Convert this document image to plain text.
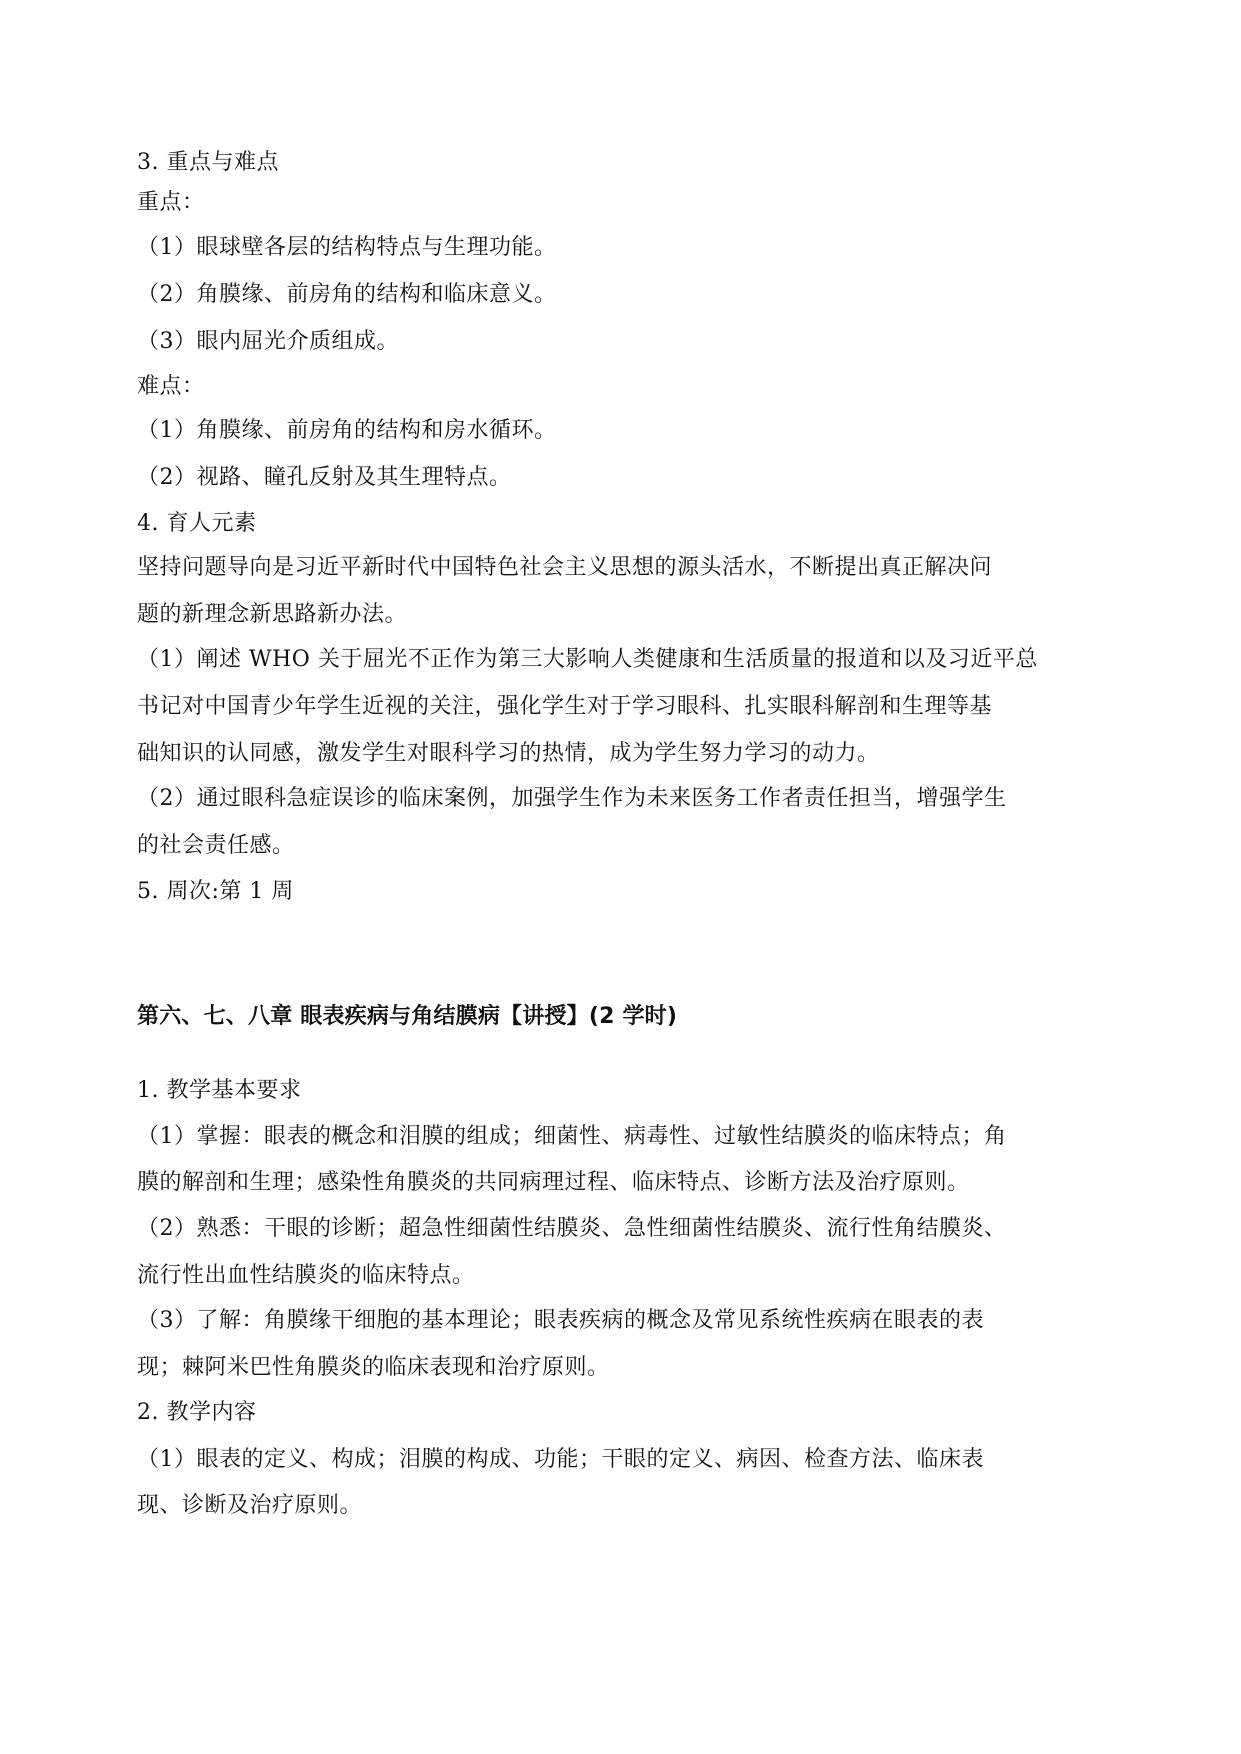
3. 重点与难点
重点：
（1）眼球壁各层的结构特点与生理功能。
（2）角膜缘、前房角的结构和临床意义。
（3）眼内屈光介质组成。
难点：
（1）角膜缘、前房角的结构和房水循环。
（2）视路、瞳孔反射及其生理特点。
4. 育人元素
坚持问题导向是习近平新时代中国特色社会主义思想的源头活水，不断提出真正解决问
题的新理念新思路新办法。
（1）阐述 WHO 关于屈光不正作为第三大影响人类健康和生活质量的报道和以及习近平总
书记对中国青少年学生近视的关注，强化学生对于学习眼科、扎实眼科解剖和生理等基
础知识的认同感，激发学生对眼科学习的热情，成为学生努力学习的动力。
（2）通过眼科急症误诊的临床案例，加强学生作为未来医务工作者责任担当，增强学生
的社会责任感。
5. 周次:第 1 周
第六、七、八章 眼表疾病与角结膜病【讲授】(2 学时)
1. 教学基本要求
（1）掌握：眼表的概念和泪膜的组成；细菌性、病毒性、过敏性结膜炎的临床特点；角
膜的解剖和生理；感染性角膜炎的共同病理过程、临床特点、诊断方法及治疗原则。
（2）熟悉：干眼的诊断；超急性细菌性结膜炎、急性细菌性结膜炎、流行性角结膜炎、
流行性出血性结膜炎的临床特点。
（3）了解：角膜缘干细胞的基本理论；眼表疾病的概念及常见系统性疾病在眼表的表
现；棘阿米巴性角膜炎的临床表现和治疗原则。
2. 教学内容
（1）眼表的定义、构成；泪膜的构成、功能；干眼的定义、病因、检查方法、临床表
现、诊断及治疗原则。
